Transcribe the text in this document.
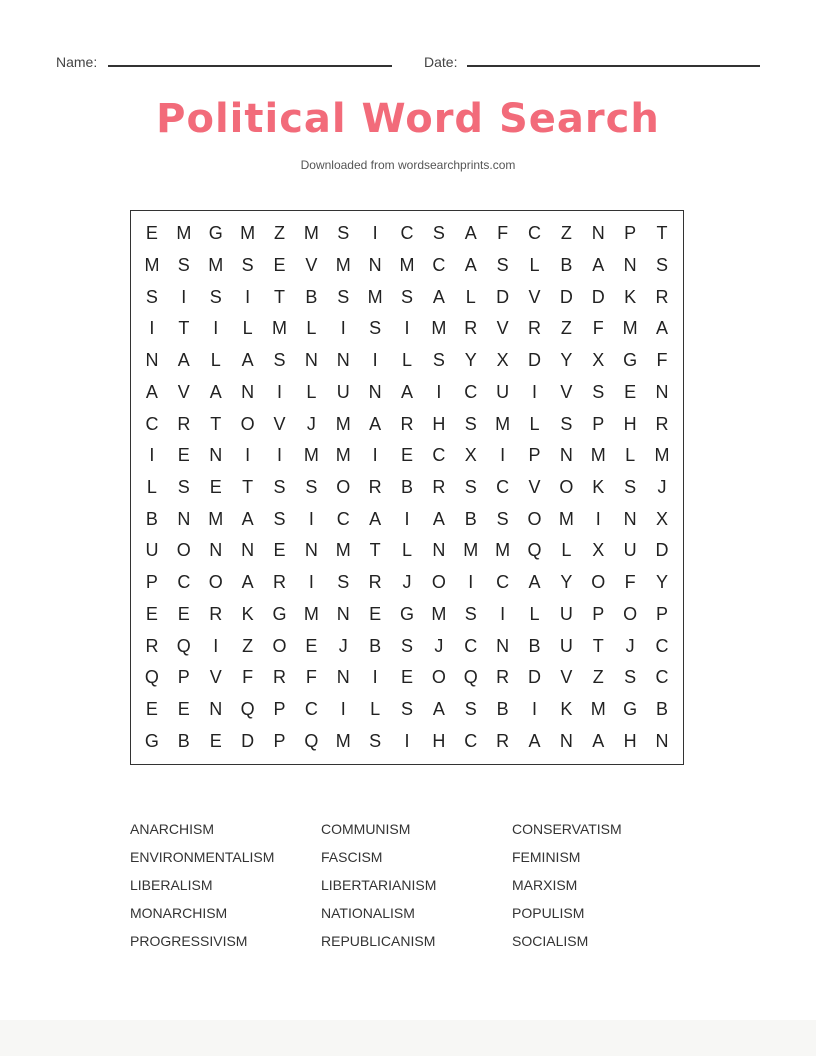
Name:	Date:
Political Word Search
Downloaded from wordsearchprints.com
E	M G M	Z	M	S	I	C	S	A	F	C	Z	N	P	T
M	S	M	S	E	V	M N M C	A	S	L	B	A	N	S
S	I	S	I	T	B	S	M	S	A	L	D	V	D	D	K	R
I	T	I	L	M	L	I	S	I	M R	V	R	Z	F	M	A
N	A	L	A	S	N	N	I	L	S	Y	X	D	Y	X	G	F
A	V	A	N	I	L	U	N	A	I	C	U	I	V	S	E	N
C	R	T	O	V	J	M	A	R	H	S	M	L	S	P	H	R
I	E	N	I	I	M M	I	E	C	X	I	P	N M	L	M
L	S	E	T	S	S	O	R	B	R	S	C	V	O	K	S	J
B	N M	A	S	I	C	A	I	A	B	S	O M	I	N	X
U	O	N	N	E	N M	T	L	N M M Q	L	X	U	D
P	C	O	A	R	I	S	R	J	O	I	C	A	Y	O	F	Y
E	E	R	K	G M N	E	G M	S	I	L	U	P	O	P
R	Q	I	Z	O	E	J	B	S	J	C	N	B	U	T	J	C
Q	P	V	F	R	F	N	I	E	O Q	R	D	V	Z	S	C
E	E	N	Q	P	C	I	L	S	A	S	B	I	K	M G	B
G	B	E	D	P	Q M	S	I	H	C	R	A	N	A	H	N
ANARCHISM	COMMUNISM	CONSERVATISM
ENVIRONMENTALISM	FASCISM	FEMINISM
LIBERALISM	LIBERTARIANISM	MARXISM
MONARCHISM	NATIONALISM	POPULISM
PROGRESSIVISM	REPUBLICANISM	SOCIALISM
